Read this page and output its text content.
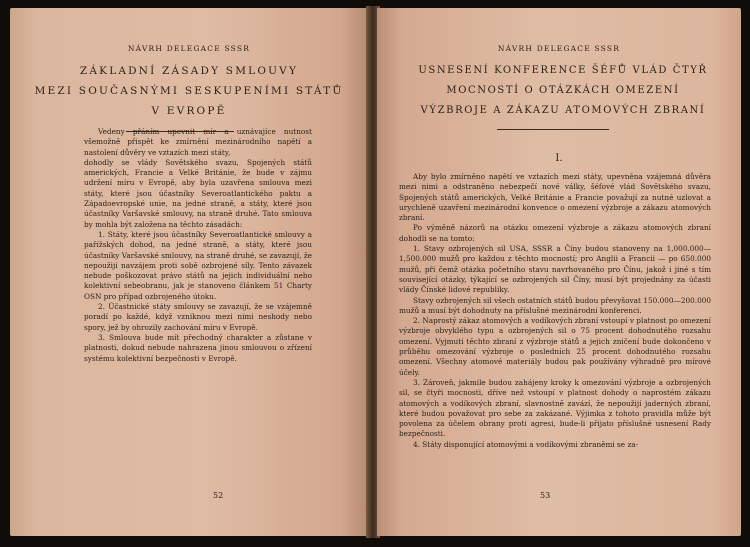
NÁVRH DELEGACE SSSR
ZÁKLADNÍ ZÁSADY SMLOUVY
MEZI SOUČASNÝMI SESKUPENÍMI STÁTŮ
V EVROPĚ

Vedeny přáním upevnit mír a uznávajíce nutnost všemožně přispět ke zmírnění mezinárodního napětí a nastolení důvěry ve vztazích mezi státy,

dohodly se vlády Sovětského svazu, Spojených států amerických, Francie a Velké Británie, že bude v zájmu udržení míru v Evropě, aby byla uzavřena smlouva mezi státy, které jsou účastníky Severoatlantického paktu a Západoevropské unie, na jedné straně, a státy, které jsou účastníky Varšavské smlouvy, na straně druhé. Tato smlouva by mohla být založena na těchto zásadách:

1. Státy, které jsou účastníky Severoatlantické smlouvy a pařížských dohod, na jedné straně, a státy, které jsou účastníky Varšavské smlouvy, na straně druhé, se zavazují, že nepoužijí navzájem proti sobě ozbrojené síly. Tento závazek nebude poškozovat právo států na jejich individuální nebo kolektivní sebeobranu, jak je stanoveno článkem 51 Charty OSN pro případ ozbrojeného útoku.

2. Účastnické státy smlouvy se zavazují, že se vzájemně poradí po každé, když vzniknou mezi nimi neshody nebo spory, jež by ohrozily zachování míru v Evropě.

3. Smlouva bude mít přechodný charakter a zůstane v platnosti, dokud nebude nahrazena jinou smlouvou o zřízení systému kolektivní bezpečnosti v Evropě.

52
NÁVRH DELEGACE SSSR
USNESENÍ KONFERENCE ŠÉFŮ VLÁD ČTYŘ
MOCNOSTÍ O OTÁZKÁCH OMEZENÍ
VÝZBROJE A ZÁKAZU ATOMOVÝCH ZBRANÍ
I.

Aby bylo zmírněno napětí ve vztazích mezi státy, upevněna vzájemná důvěra mezi nimi a odstraněno nebezpečí nové války, šéfové vlád Sovětského svazu, Spojených států amerických, Velké Británie a Francie považují za nutné uzlovat a urychleně uzavření mezinárodní konvence o omezení výzbroje a zákazu atomových zbraní.

Po výměně názorů na otázku omezení výzbroje a zákazu atomových zbraní dohodli se na tomto:

1. Stavy ozbrojených sil USA, SSSR a Číny budou stanoveny na 1,000.000—1,500.000 mužů pro každou z těchto mocností; pro Anglii a Francii — po 650.000 mužů, při čemž otázka početního stavu navrhovaného pro Čínu, jakož i jiné s tím související otázky, týkající se ozbrojených sil Číny, musí být projednány za účasti vlády Čínské lidové republiky.

Stavy ozbrojených sil všech ostatních států budou převyšovat 150.000—200.000 mužů a musí být dohodnuty na příslušné mezinárodní konferenci.

2. Naprostý zákaz atomových a vodíkových zbraní vstoupí v platnost po omezení výzbroje obvyklého typu a ozbrojených sil o 75 procent dohodnutého rozsahu omezení. Vyjmutí těchto zbraní z výzbroje států a jejich zničení bude dokončeno v průběhu omezování výzbroje o posledních 25 procent dohodnutého rozsahu omezení. Všechny atomové materiály budou pak používány výhradně pro mírové účely.

3. Zároveň, jakmile budou zahájeny kroky k omezování výzbroje a ozbrojených sil, se čtyři mocnosti, dříve než vstoupí v platnost dohody o naprostém zákazu atomových a vodíkových zbraní, slavnostně zavází, že nepoužijí jaderných zbraní, které budou považovat pro sebe za zakázané. Výjimka z tohoto pravidla může být povolena za účelem obrany proti agresi, bude-li přijato příslušné usnesení Rady bezpečnosti.

4. Státy disponující atomovými a vodíkovými zbraněmi se za-

53
